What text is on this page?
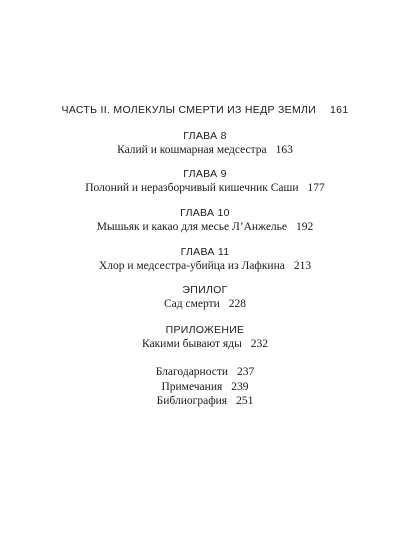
ЧАСТЬ II. МОЛЕКУЛЫ СМЕРТИ ИЗ НЕДР ЗЕМЛИ 161
ГЛАВА 8
Калий и кошмарная медсестра 163
ГЛАВА 9
Полоний и неразборчивый кишечник Саши 177
ГЛАВА 10
Мышьяк и какао для месье Л’Анжелье 192
ГЛАВА 11
Хлор и медсестра-убийца из Лафкина 213
ЭПИЛОГ
Сад смерти 228
ПРИЛОЖЕНИЕ
Какими бывают яды 232
Благодарности 237
Примечания 239
Библиография 251
